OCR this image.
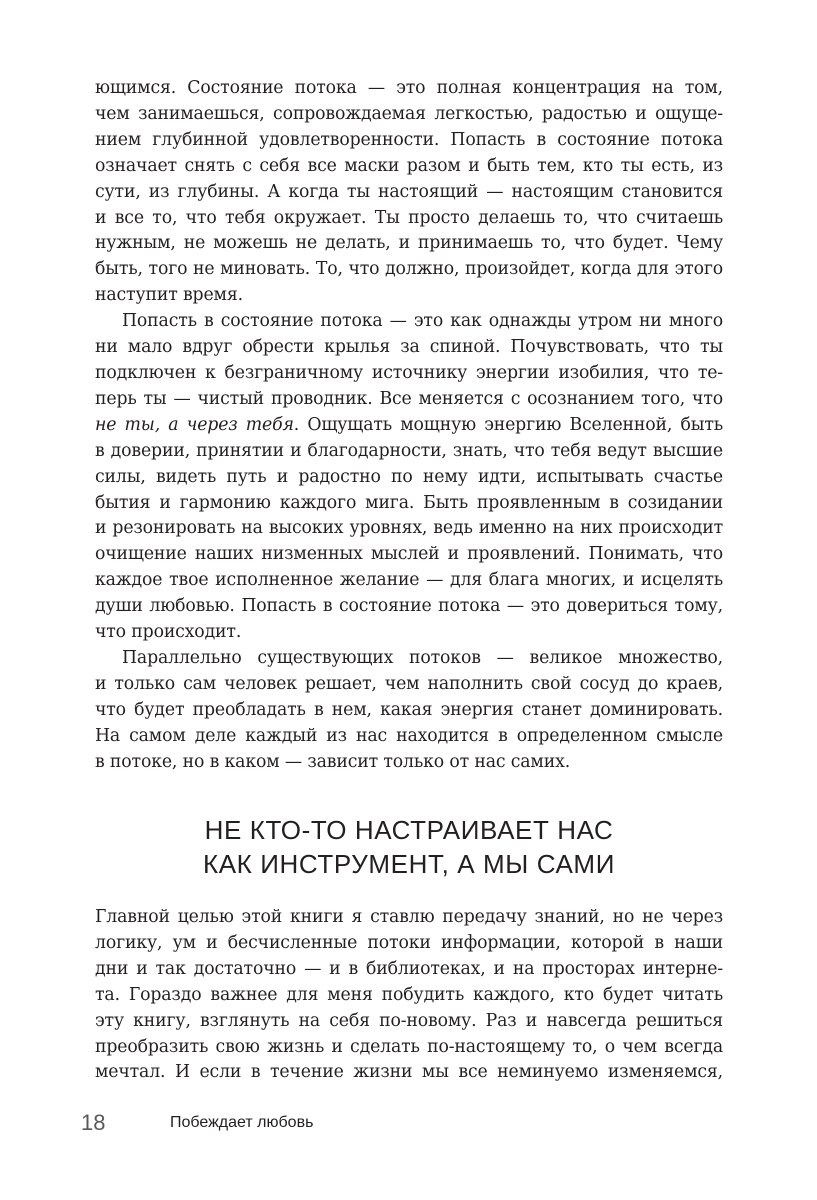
ющимся. Состояние потока — это полная концентрация на том,
чем занимаешься, сопровождаемая легкостью, радостью и ощуще-
нием глубинной удовлетворенности. Попасть в состояние потока
означает снять с себя все маски разом и быть тем, кто ты есть, из
сути, из глубины. А когда ты настоящий — настоящим становится
и все то, что тебя окружает. Ты просто делаешь то, что считаешь
нужным, не можешь не делать, и принимаешь то, что будет. Чему
быть, того не миновать. То, что должно, произойдет, когда для этого
наступит время.

Попасть в состояние потока — это как однажды утром ни много
ни мало вдруг обрести крылья за спиной. Почувствовать, что ты
подключен к безграничному источнику энергии изобилия, что те-
перь ты — чистый проводник. Все меняется с осознанием того, что
не ты, а через тебя. Ощущать мощную энергию Вселенной, быть
в доверии, принятии и благодарности, знать, что тебя ведут высшие
силы, видеть путь и радостно по нему идти, испытывать счастье
бытия и гармонию каждого мига. Быть проявленным в созидании
и резонировать на высоких уровнях, ведь именно на них происходит
очищение наших низменных мыслей и проявлений. Понимать, что
каждое твое исполненное желание — для блага многих, и исцелять
души любовью. Попасть в состояние потока — это довериться тому,
что происходит.

Параллельно существующих потоков — великое множество,
и только сам человек решает, чем наполнить свой сосуд до краев,
что будет преобладать в нем, какая энергия станет доминировать.
На самом деле каждый из нас находится в определенном смысле
в потоке, но в каком — зависит только от нас самих.

НЕ КТО-ТО НАСТРАИВАЕТ НАС
КАК ИНСТРУМЕНТ, А МЫ САМИ

Главной целью этой книги я ставлю передачу знаний, но не через
логику, ум и бесчисленные потоки информации, которой в наши
дни и так достаточно — и в библиотеках, и на просторах интерне-
та. Гораздо важнее для меня побудить каждого, кто будет читать
эту книгу, взглянуть на себя по-новому. Раз и навсегда решиться
преобразить свою жизнь и сделать по-настоящему то, о чем всегда
мечтал. И если в течение жизни мы все неминуемо изменяемся,

18	Побеждает любовь
